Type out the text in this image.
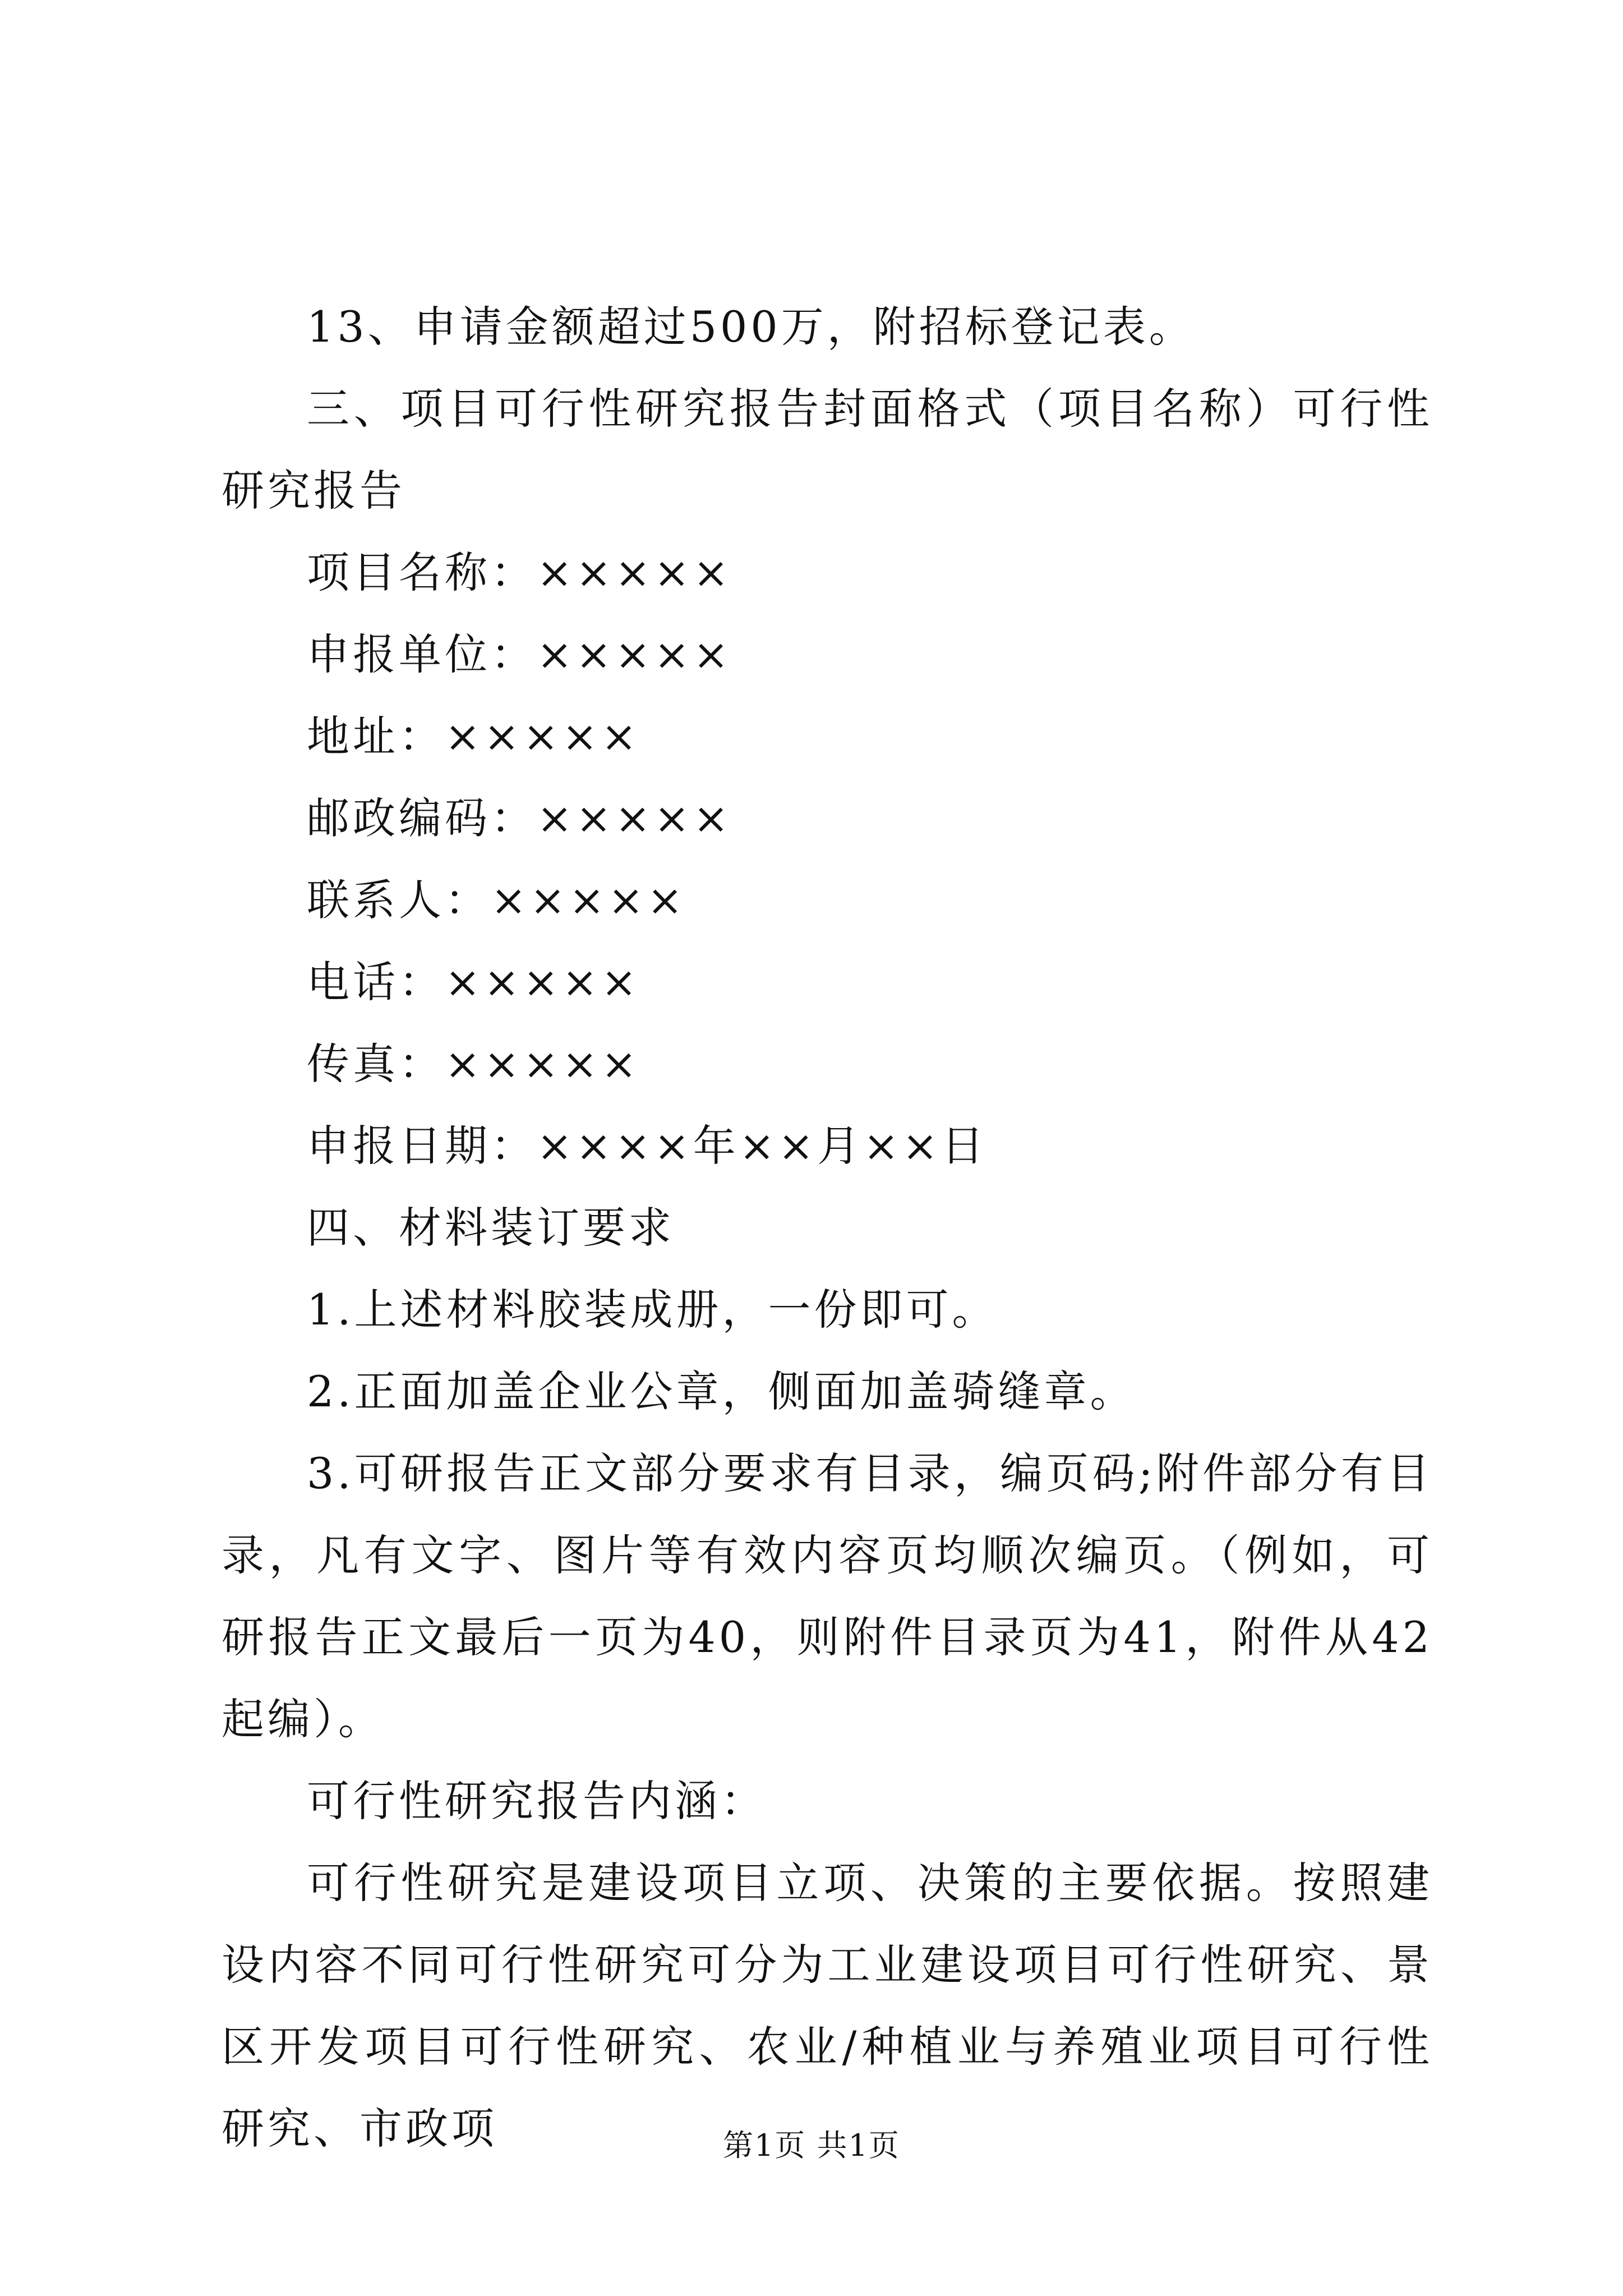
13、申请金额超过500万，附招标登记表。
三、项目可行性研究报告封面格式（项目名称）可行性研究报告
项目名称：×××××
申报单位：×××××
地址：×××××
邮政编码：×××××
联系人：×××××
电话：×××××
传真：×××××
申报日期：××××年××月××日
四、材料装订要求
1.上述材料胶装成册，一份即可。
2.正面加盖企业公章，侧面加盖骑缝章。
3.可研报告正文部分要求有目录，编页码;附件部分有目录，凡有文字、图片等有效内容页均顺次编页。（例如，可研报告正文最后一页为40，则附件目录页为41，附件从42起编）。
可行性研究报告内涵：
可行性研究是建设项目立项、决策的主要依据。按照建设内容不同可行性研究可分为工业建设项目可行性研究、景区开发项目可行性研究、农业/种植业与养殖业项目可行性研究、市政项	第1页 共1页
